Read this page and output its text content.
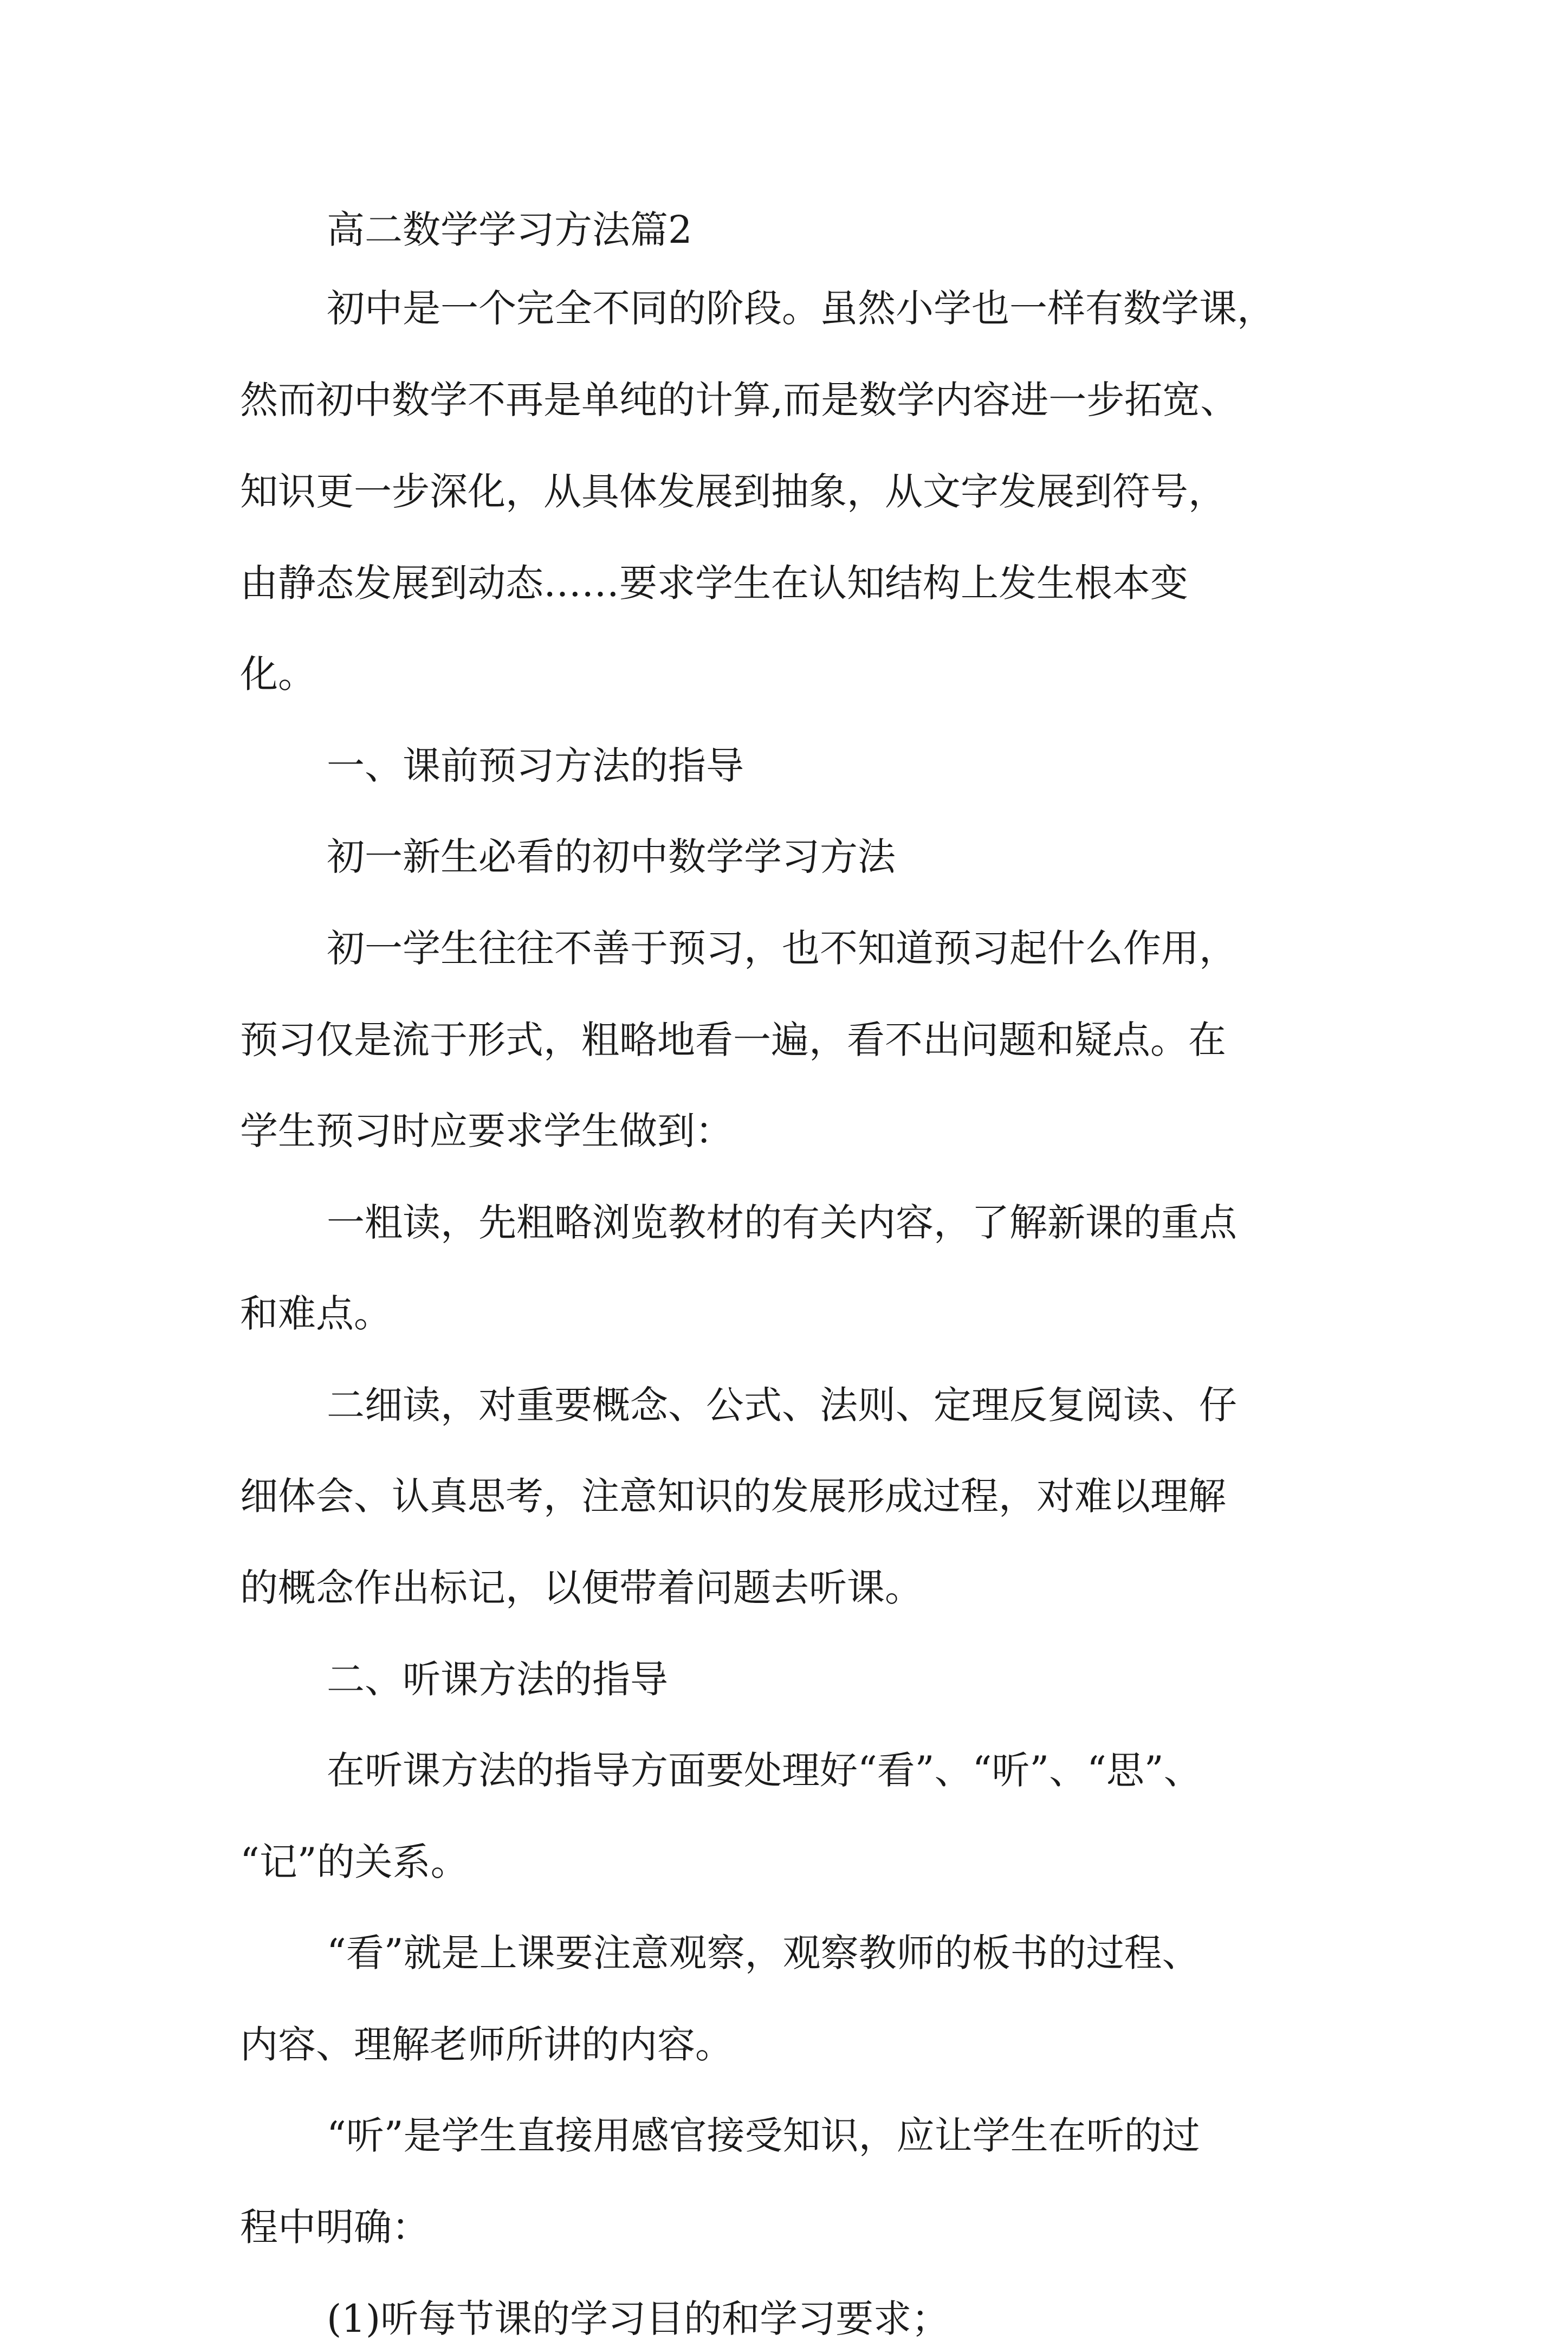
高二数学学习方法篇2

初中是一个完全不同的阶段。虽然小学也一样有数学课，

然而初中数学不再是单纯的计算,而是数学内容进一步拓宽、

知识更一步深化，从具体发展到抽象，从文字发展到符号，

由静态发展到动态……要求学生在认知结构上发生根本变

化。

一、课前预习方法的指导

初一新生必看的初中数学学习方法

初一学生往往不善于预习，也不知道预习起什么作用，

预习仅是流于形式，粗略地看一遍，看不出问题和疑点。在

学生预习时应要求学生做到：

一粗读，先粗略浏览教材的有关内容，了解新课的重点

和难点。

二细读，对重要概念、公式、法则、定理反复阅读、仔

细体会、认真思考，注意知识的发展形成过程，对难以理解

的概念作出标记，以便带着问题去听课。

二、听课方法的指导

在听课方法的指导方面要处理好“看”、“听”、“思”、

“记”的关系。

“看”就是上课要注意观察，观察教师的板书的过程、

内容、理解老师所讲的内容。

“听”是学生直接用感官接受知识，应让学生在听的过

程中明确：

(1)听每节课的学习目的和学习要求；
